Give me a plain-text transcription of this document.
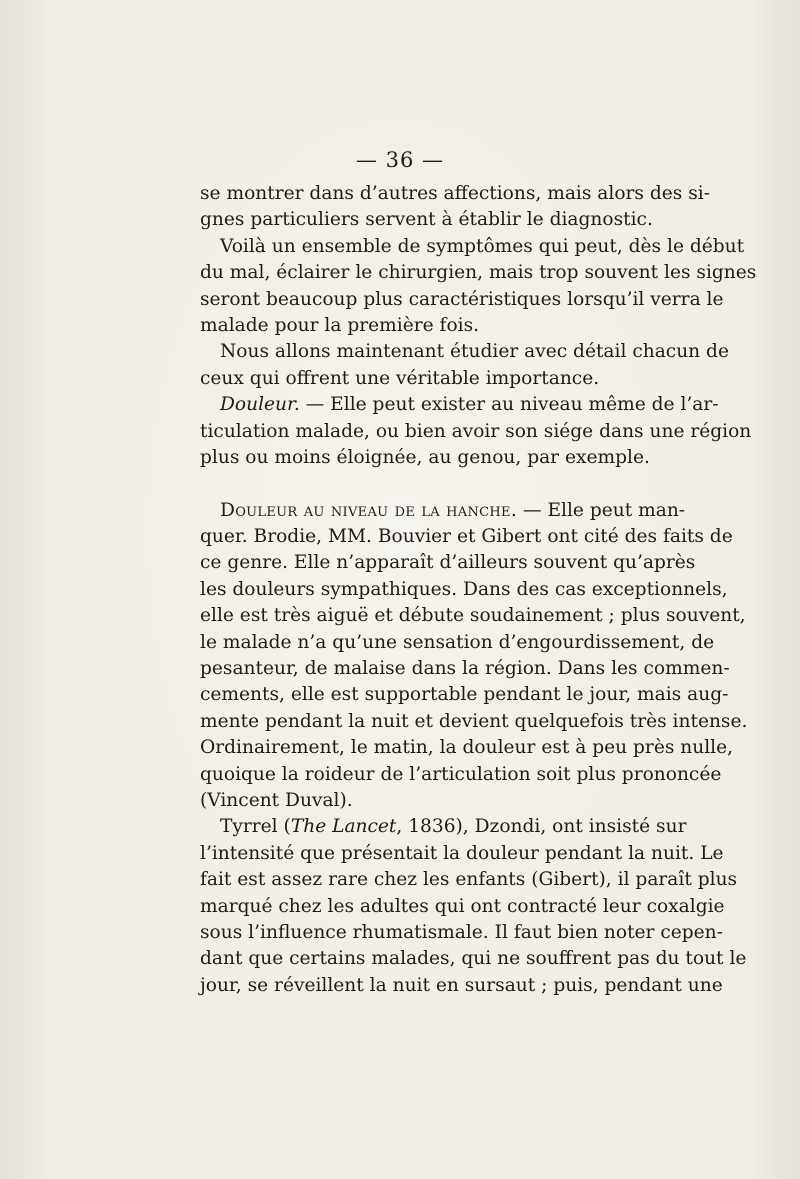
— 36 —
se montrer dans d’autres affections, mais alors des si-
gnes particuliers servent à établir le diagnostic.
Voilà un ensemble de symptômes qui peut, dès le début
du mal, éclairer le chirurgien, mais trop souvent les signes
seront beaucoup plus caractéristiques lorsqu’il verra le
malade pour la première fois.
Nous allons maintenant étudier avec détail chacun de
ceux qui offrent une véritable importance.
Douleur. — Elle peut exister au niveau même de l’ar-
ticulation malade, ou bien avoir son siége dans une région
plus ou moins éloignée, au genou, par exemple.
Douleur au niveau de la hanche. — Elle peut man-
quer. Brodie, MM. Bouvier et Gibert ont cité des faits de
ce genre. Elle n’apparaît d’ailleurs souvent qu’après
les douleurs sympathiques. Dans des cas exceptionnels,
elle est très aiguë et débute soudainement ; plus souvent,
le malade n’a qu’une sensation d’engourdissement, de
pesanteur, de malaise dans la région. Dans les commen-
cements, elle est supportable pendant le jour, mais aug-
mente pendant la nuit et devient quelquefois très intense.
Ordinairement, le matin, la douleur est à peu près nulle,
quoique la roideur de l’articulation soit plus prononcée
(Vincent Duval).
Tyrrel (The Lancet, 1836), Dzondi, ont insisté sur
l’intensité que présentait la douleur pendant la nuit. Le
fait est assez rare chez les enfants (Gibert), il paraît plus
marqué chez les adultes qui ont contracté leur coxalgie
sous l’influence rhumatismale. Il faut bien noter cepen-
dant que certains malades, qui ne souffrent pas du tout le
jour, se réveillent la nuit en sursaut ; puis, pendant une
